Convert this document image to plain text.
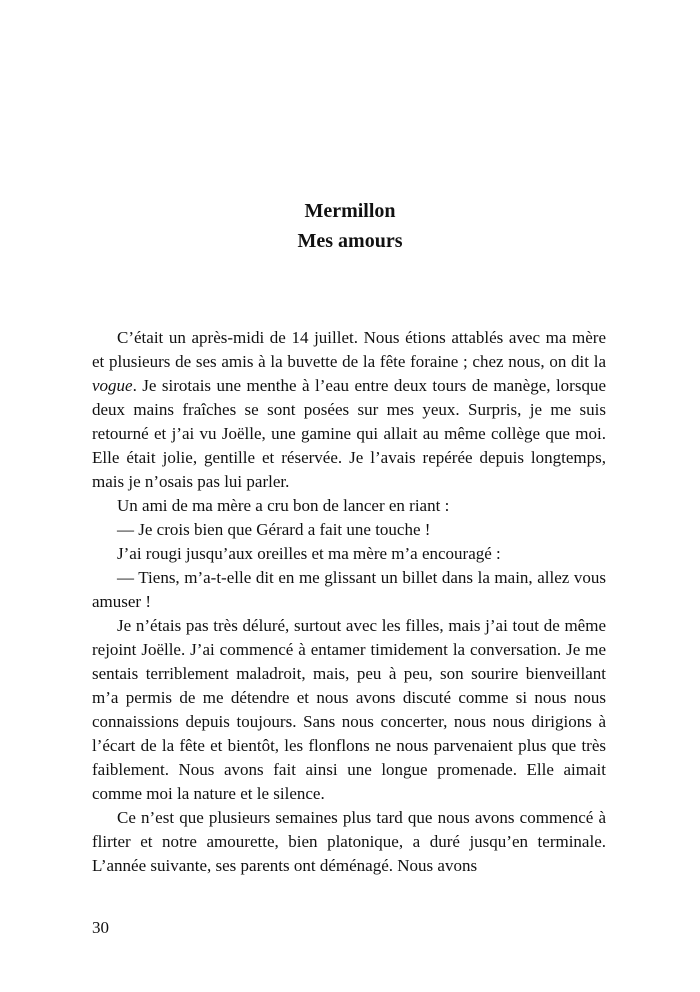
Mermillon
Mes amours

C’était un après-midi de 14 juillet. Nous étions attablés avec ma mère et plusieurs de ses amis à la buvette de la fête foraine ; chez nous, on dit la vogue. Je sirotais une menthe à l’eau entre deux tours de manège, lorsque deux mains fraîches se sont posées sur mes yeux. Surpris, je me suis retourné et j’ai vu Joëlle, une gamine qui allait au même collège que moi. Elle était jolie, gentille et réservée. Je l’avais repérée depuis longtemps, mais je n’osais pas lui parler.

Un ami de ma mère a cru bon de lancer en riant :

— Je crois bien que Gérard a fait une touche !

J’ai rougi jusqu’aux oreilles et ma mère m’a encouragé :

— Tiens, m’a-t-elle dit en me glissant un billet dans la main, allez vous amuser !

Je n’étais pas très déluré, surtout avec les filles, mais j’ai tout de même rejoint Joëlle. J’ai commencé à entamer timidement la conversation. Je me sentais terriblement maladroit, mais, peu à peu, son sourire bienveillant m’a permis de me détendre et nous avons discuté comme si nous nous connaissions depuis toujours. Sans nous concerter, nous nous dirigions à l’écart de la fête et bientôt, les flonflons ne nous parvenaient plus que très faiblement. Nous avons fait ainsi une longue promenade. Elle aimait comme moi la nature et le silence.

Ce n’est que plusieurs semaines plus tard que nous avons commencé à flirter et notre amourette, bien platonique, a duré jusqu’en terminale. L’année suivante, ses parents ont déménagé. Nous avons

30
